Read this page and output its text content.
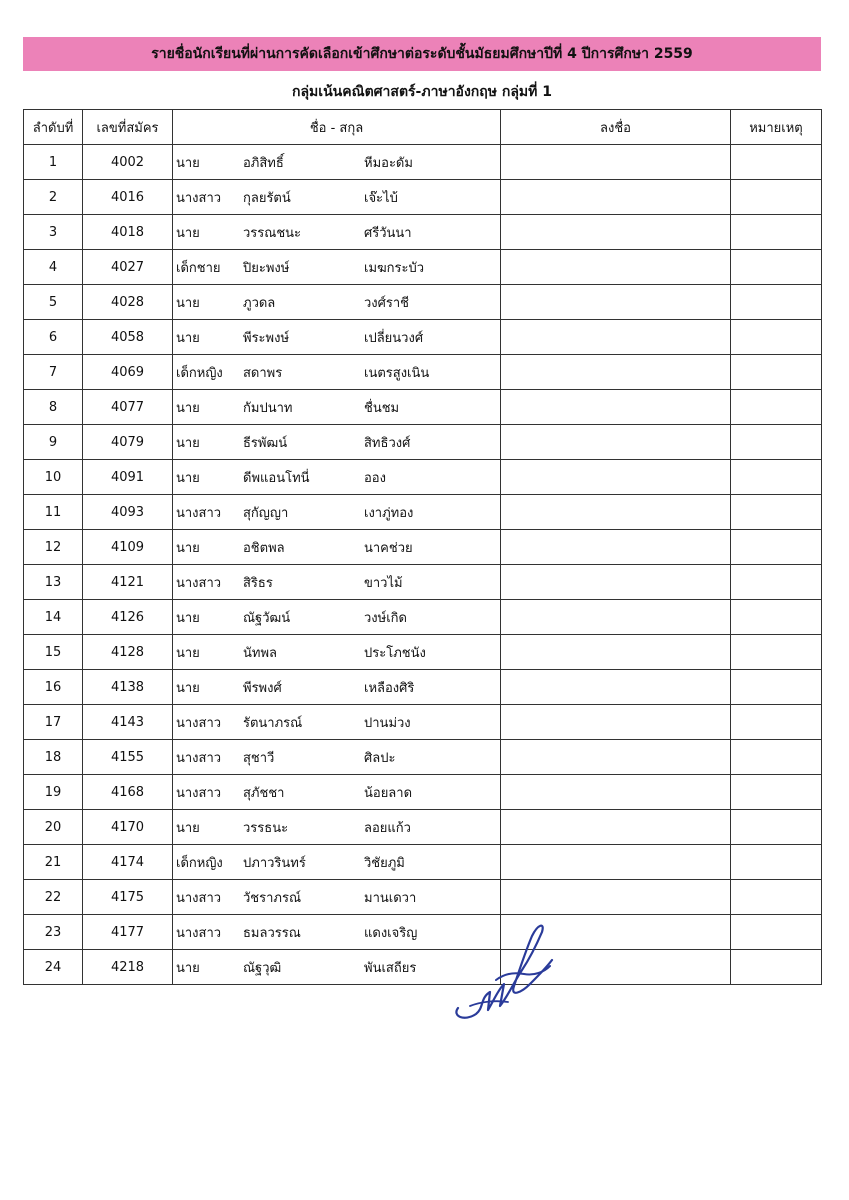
รายชื่อนักเรียนที่ผ่านการคัดเลือกเข้าศึกษาต่อระดับชั้นมัธยมศึกษาปีที่ 4 ปีการศึกษา 2559
กลุ่มเน้นคณิตศาสตร์-ภาษาอังกฤษ กลุ่มที่ 1
ลำดับที่	เลขที่สมัคร	ชื่อ - สกุล	ลงชื่อ	หมายเหตุ
1	4002	นาย อภิสิทธิ์ หีมอะดัม		

2	4016	นางสาว กุลยรัตน์ เจ๊ะไบ้		

3	4018	นาย วรรณชนะ ศรีวันนา		

4	4027	เด็กชาย ปิยะพงษ์ เมฆกระบัว		

5	4028	นาย ภูวดล วงศ์ราชี		

6	4058	นาย พีระพงษ์ เปลี่ยนวงศ์		

7	4069	เด็กหญิง สดาพร เนตรสูงเนิน		

8	4077	นาย กัมปนาท ชื่นชม		

9	4079	นาย ธีรพัฒน์ สิทธิวงศ์		

10	4091	นาย ดีพแอนโทนี่ ออง		

11	4093	นางสาว สุกัญญา เงาภู่ทอง		

12	4109	นาย อชิตพล นาคช่วย		

13	4121	นางสาว สิริธร ขาวไม้		

14	4126	นาย ณัฐวัฒน์ วงษ์เกิด		

15	4128	นาย นัทพล ประโภชนัง		

16	4138	นาย พีรพงศ์ เหลืองศิริ		

17	4143	นางสาว รัตนาภรณ์ ปานม่วง		

18	4155	นางสาว สุชาวี ศิลปะ		

19	4168	นางสาว สุภัชชา น้อยลาด		

20	4170	นาย วรรธนะ ลอยแก้ว		

21	4174	เด็กหญิง ปภาวรินทร์ วิชัยภูมิ		

22	4175	นางสาว วัชราภรณ์ มานเดวา		

23	4177	นางสาว ธมลวรรณ แดงเจริญ		

24	4218	นาย ณัฐวุฒิ พันเสถียร		
